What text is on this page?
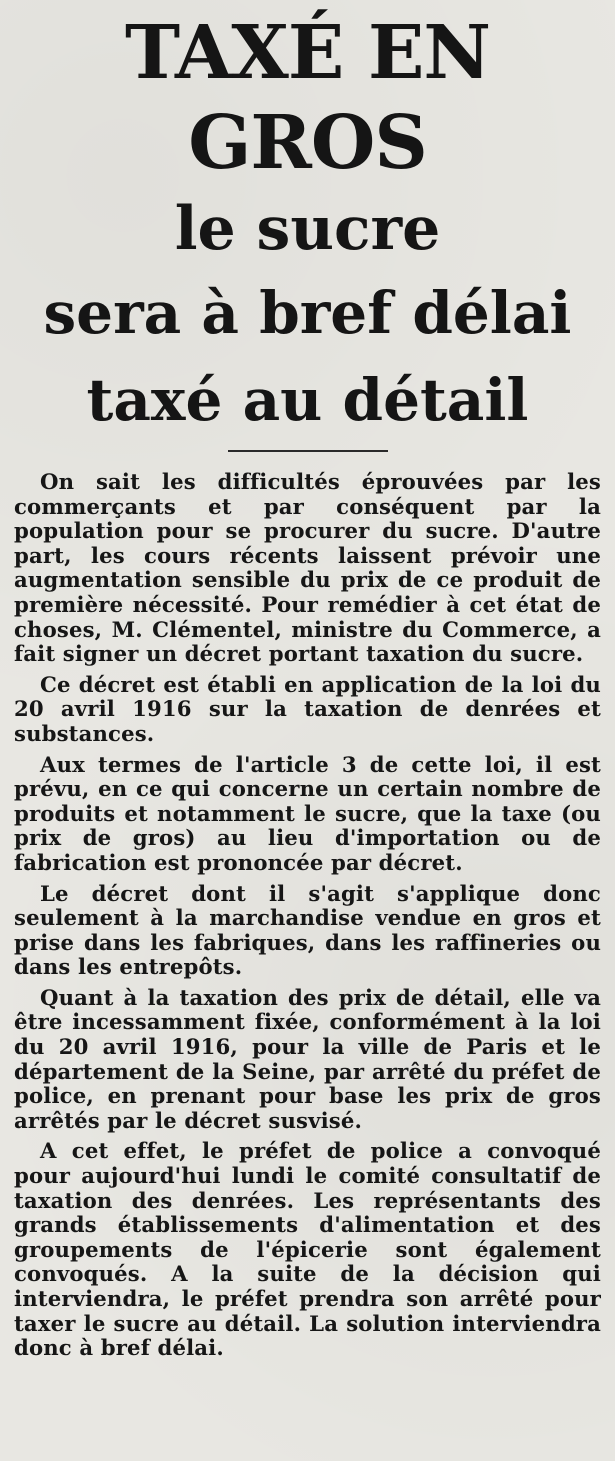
TAXÉ EN GROS
le sucre
sera à bref délai
taxé au détail

On sait les difficultés éprouvées par les commerçants et par conséquent par la population pour se procurer du sucre. D'autre part, les cours récents laissent prévoir une augmentation sensible du prix de ce produit de première nécessité. Pour remédier à cet état de choses, M. Clémentel, ministre du Commerce, a fait signer un décret portant taxation du sucre.

Ce décret est établi en application de la loi du 20 avril 1916 sur la taxation de denrées et substances.

Aux termes de l'article 3 de cette loi, il est prévu, en ce qui concerne un certain nombre de produits et notamment le sucre, que la taxe (ou prix de gros) au lieu d'importation ou de fabrication est prononcée par décret.

Le décret dont il s'agit s'applique donc seulement à la marchandise vendue en gros et prise dans les fabriques, dans les raffineries ou dans les entrepôts.

Quant à la taxation des prix de détail, elle va être incessamment fixée, conformément à la loi du 20 avril 1916, pour la ville de Paris et le département de la Seine, par arrêté du préfet de police, en prenant pour base les prix de gros arrêtés par le décret susvisé.

A cet effet, le préfet de police a convoqué pour aujourd'hui lundi le comité consultatif de taxation des denrées. Les représentants des grands établissements d'alimentation et des groupements de l'épicerie sont également convoqués. A la suite de la décision qui interviendra, le préfet prendra son arrêté pour taxer le sucre au détail. La solution interviendra donc à bref délai.
